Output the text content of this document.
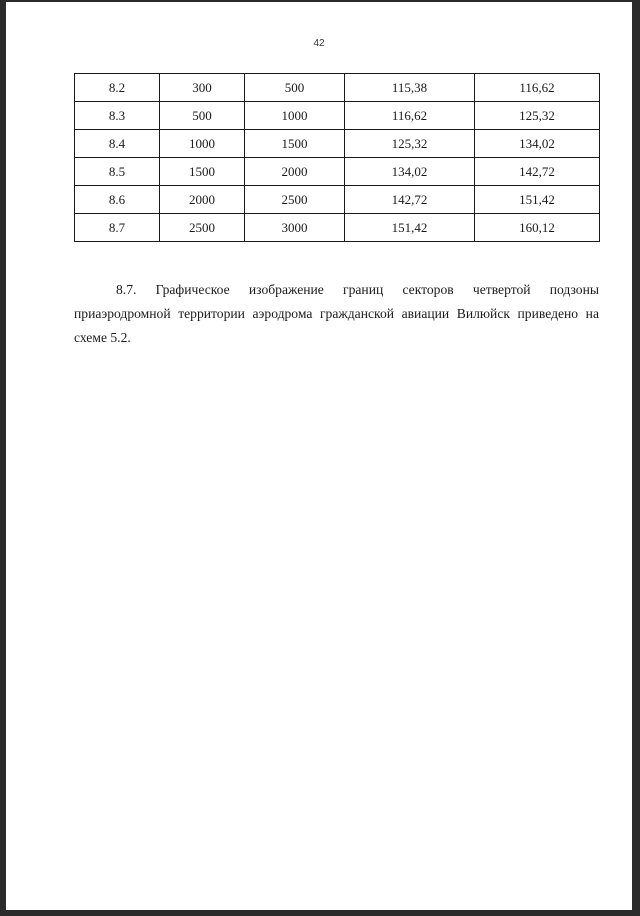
42
8.2	300	500	115,38	116,62
8.3	500	1000	116,62	125,32
8.4	1000	1500	125,32	134,02
8.5	1500	2000	134,02	142,72
8.6	2000	2500	142,72	151,42
8.7	2500	3000	151,42	160,12

8.7. Графическое изображение границ секторов четвертой подзоны приаэродромной территории аэродрома гражданской авиации Вилюйск приведено на схеме 5.2.
